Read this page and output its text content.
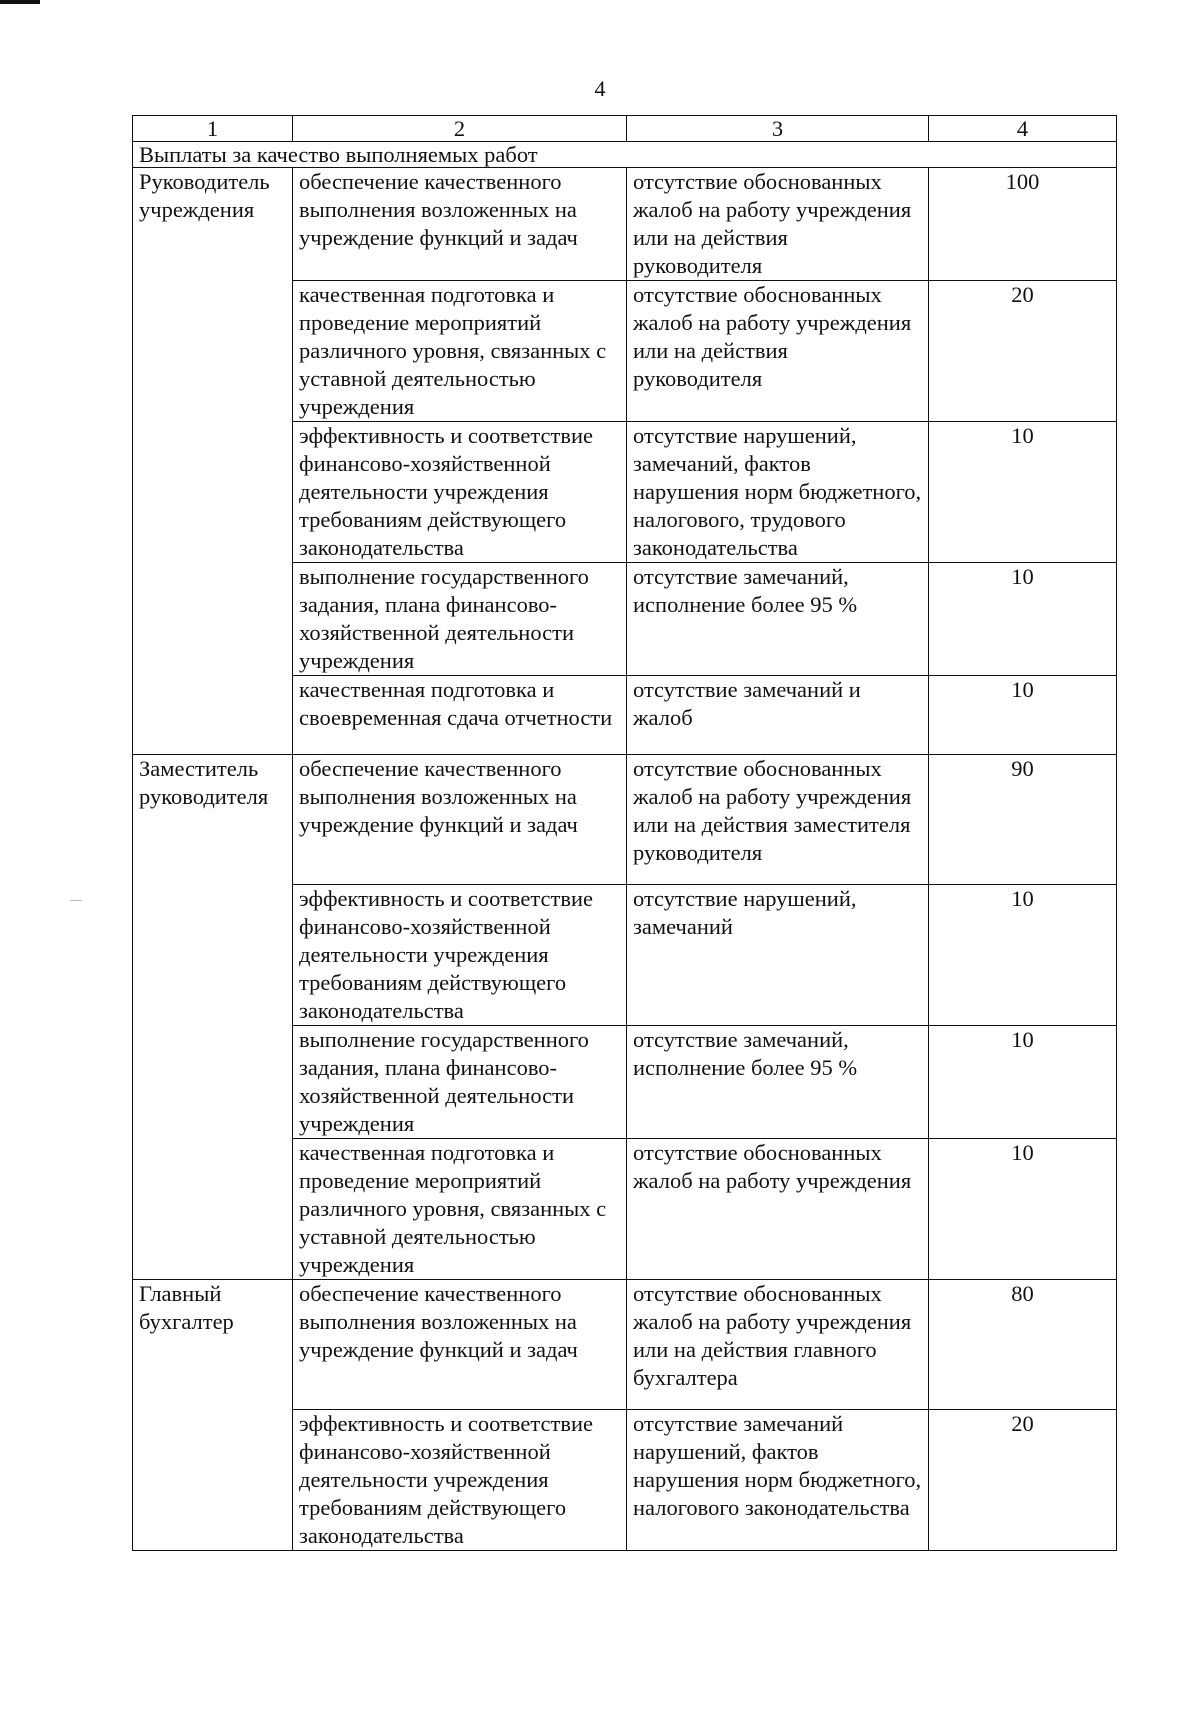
4
1	2	3	4
Выплаты за качество выполняемых работ			
Руководитель учреждения	обеспечение качественного выполнения возложенных на учреждение функций и задач	отсутствие обоснованных жалоб на работу учреждения или на действия руководителя	100
	качественная подготовка и проведение мероприятий различного уровня, связанных с уставной деятельностью учреждения	отсутствие обоснованных жалоб на работу учреждения или на действия руководителя	20
	эффективность и соответствие финансово-хозяйственной деятельности учреждения требованиям действующего законодательства	отсутствие нарушений, замечаний, фактов нарушения норм бюджетного, налогового, трудового законодательства	10
	выполнение государственного задания, плана финансово-хозяйственной деятельности учреждения	отсутствие замечаний, исполнение более 95 %	10
	качественная подготовка и своевременная сдача отчетности	отсутствие замечаний и жалоб	10
Заместитель руководителя	обеспечение качественного выполнения возложенных на учреждение функций и задач	отсутствие обоснованных жалоб на работу учреждения или на действия заместителя руководителя	90
	эффективность и соответствие финансово-хозяйственной деятельности учреждения требованиям действующего законодательства	отсутствие нарушений, замечаний	10
	выполнение государственного задания, плана финансово-хозяйственной деятельности учреждения	отсутствие замечаний, исполнение более 95 %	10
	качественная подготовка и проведение мероприятий различного уровня, связанных с уставной деятельностью учреждения	отсутствие обоснованных жалоб на работу учреждения	10
Главный бухгалтер	обеспечение качественного выполнения возложенных на учреждение функций и задач	отсутствие обоснованных жалоб на работу учреждения или на действия главного бухгалтера	80
	эффективность и соответствие финансово-хозяйственной деятельности учреждения требованиям действующего законодательства	отсутствие замечаний нарушений, фактов нарушения норм бюджетного, налогового законодательства	20
